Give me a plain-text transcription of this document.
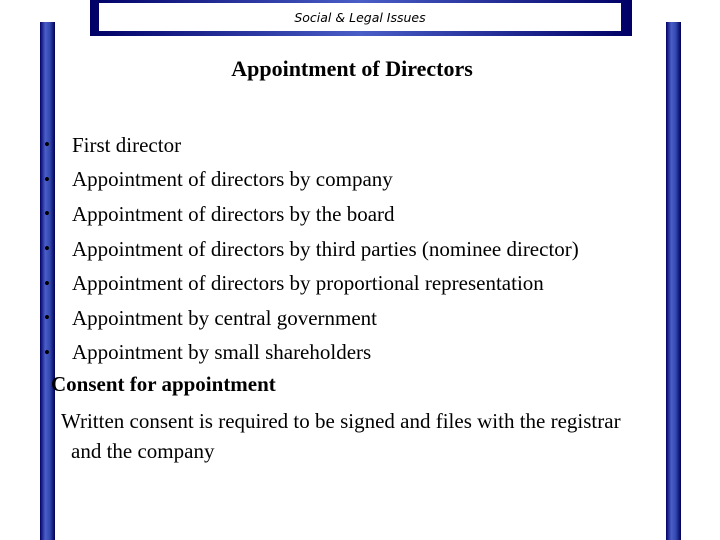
Social & Legal Issues
Appointment of Directors
• First director
• Appointment of directors by company
• Appointment of directors by the board
• Appointment of directors by third parties (nominee director)
• Appointment of directors by proportional representation
• Appointment by central government
• Appointment by small shareholders
Consent for appointment

Written consent is required to be signed and files with the registrar and the company
